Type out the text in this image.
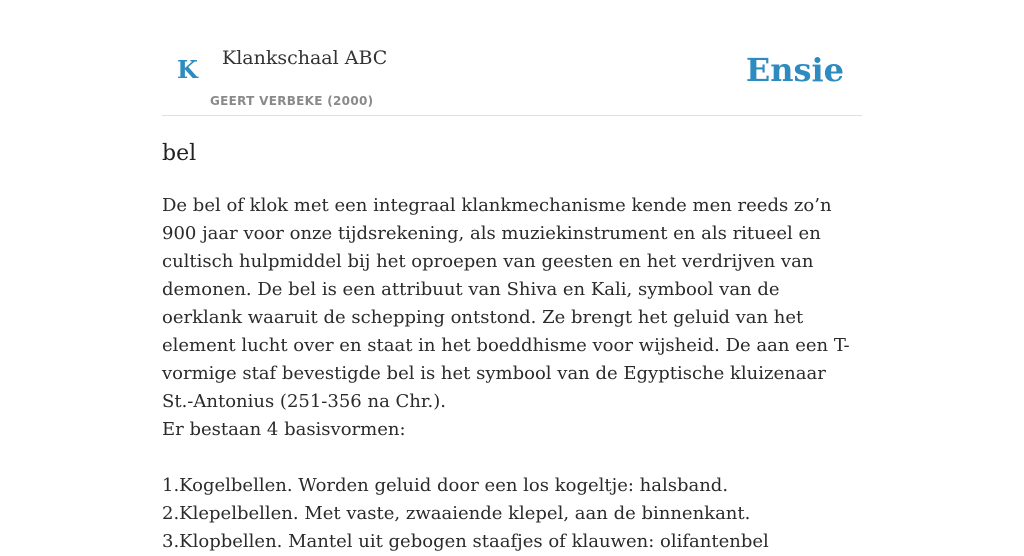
K Klankschaal ABC
GEERT VERBEKE (2000)
Ensie
bel

De bel of klok met een integraal klankmechanisme kende men reeds zo’n 900 jaar voor onze tijdsrekening, als muziekinstrument en als ritueel en cultisch hulpmiddel bij het oproepen van geesten en het verdrijven van demonen. De bel is een attribuut van Shiva en Kali, symbool van de oerklank waaruit de schepping ontstond. Ze brengt het geluid van het element lucht over en staat in het boeddhisme voor wijsheid. De aan een T-vormige staf bevestigde bel is het symbool van de Egyptische kluizenaar St.-Antonius (251-356 na Chr.).

Er bestaan 4 basisvormen:

1.Kogelbellen. Worden geluid door een los kogeltje: halsband.

2.Klepelbellen. Met vaste, zwaaiende klepel, aan de binnenkant.

3.Klopbellen. Mantel uit gebogen staafjes of klauwen: olifantenbel
